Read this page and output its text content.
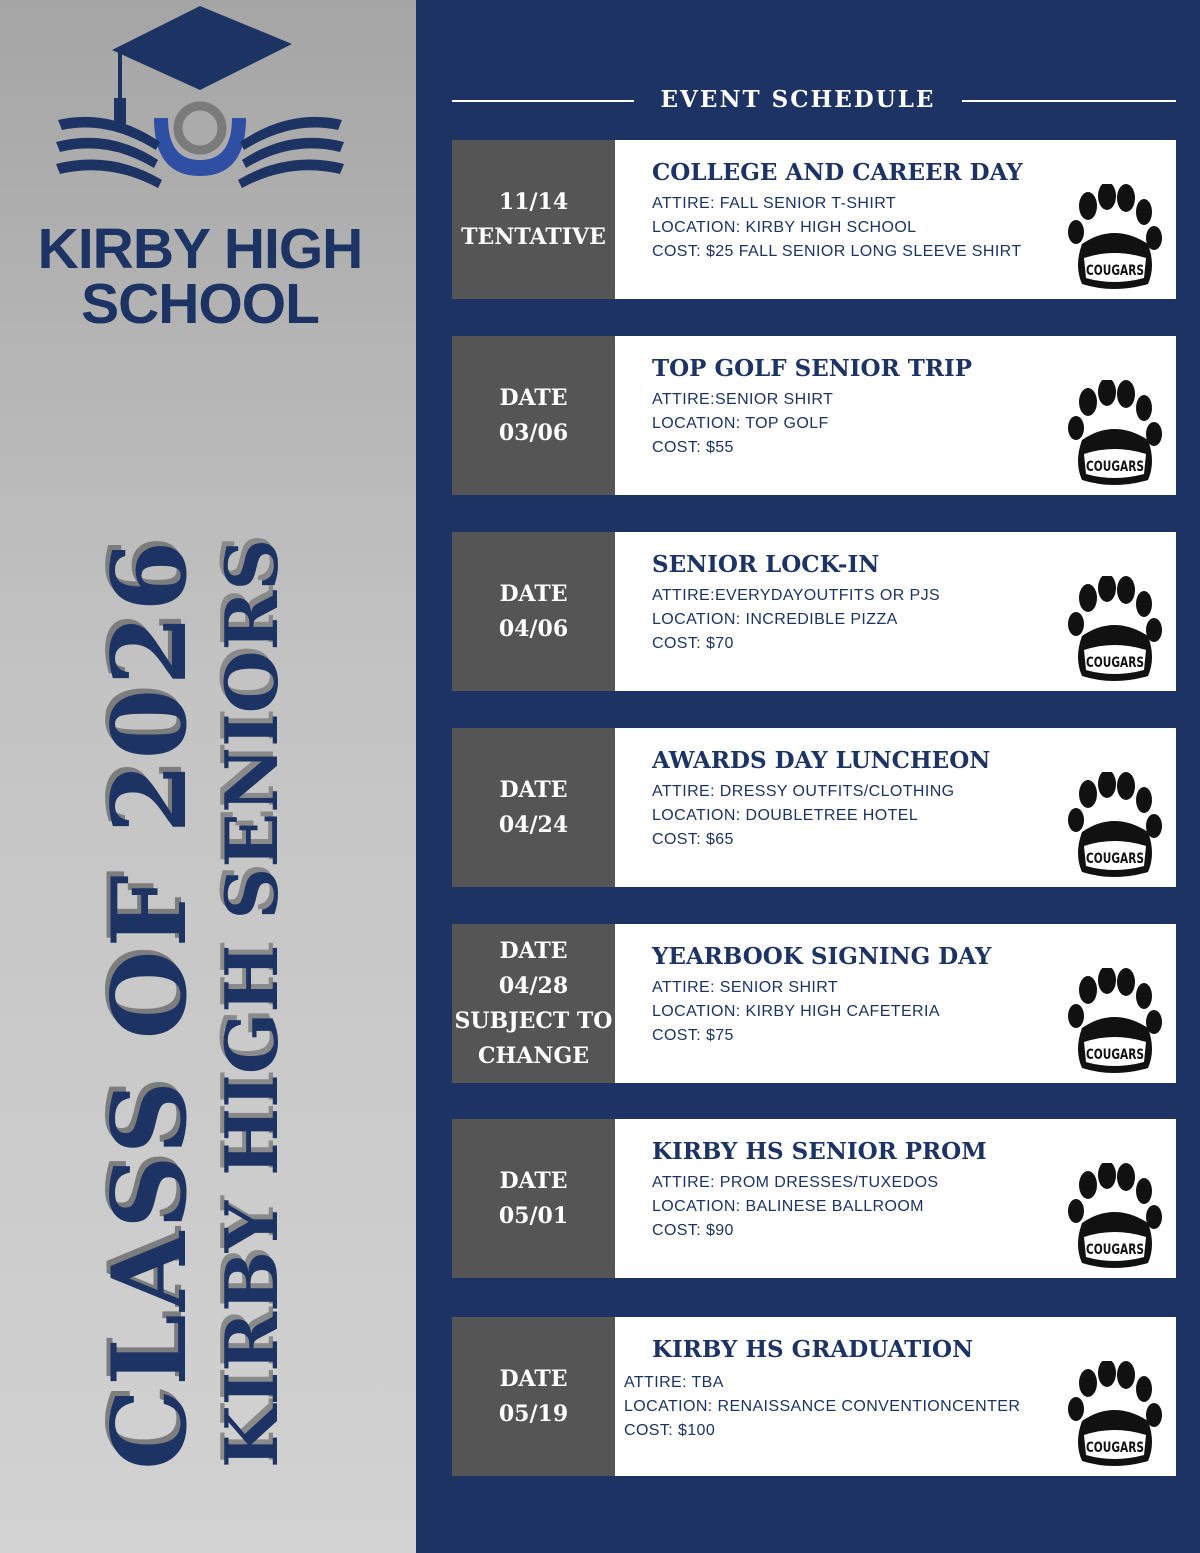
KIRBY HIGH
SCHOOL
CLASS OF 2026 KIRBY HIGH SENIORS
EVENT SCHEDULE
11/14
TENTATIVE
COLLEGE AND CAREER DAY
ATTIRE: FALL SENIOR T-SHIRT
LOCATION: KIRBY HIGH SCHOOL
COST: $25 FALL SENIOR LONG SLEEVE SHIRT
COUGARS
DATE
03/06
TOP GOLF SENIOR TRIP
ATTIRE:SENIOR SHIRT
LOCATION: TOP GOLF
COST: $55
COUGARS
DATE
04/06
SENIOR LOCK-IN
ATTIRE:EVERYDAYOUTFITS OR PJS
LOCATION: INCREDIBLE PIZZA
COST: $70
COUGARS
DATE
04/24
AWARDS DAY LUNCHEON
ATTIRE: DRESSY OUTFITS/CLOTHING
LOCATION: DOUBLETREE HOTEL
COST: $65
COUGARS
DATE
04/28
SUBJECT TO
CHANGE
YEARBOOK SIGNING DAY
ATTIRE: SENIOR SHIRT
LOCATION: KIRBY HIGH CAFETERIA
COST: $75
COUGARS
DATE
05/01
KIRBY HS SENIOR PROM
ATTIRE: PROM DRESSES/TUXEDOS
LOCATION: BALINESE BALLROOM
COST: $90
COUGARS
DATE
05/19
KIRBY HS GRADUATION
ATTIRE: TBA
LOCATION: RENAISSANCE CONVENTIONCENTER
COST: $100
COUGARS
